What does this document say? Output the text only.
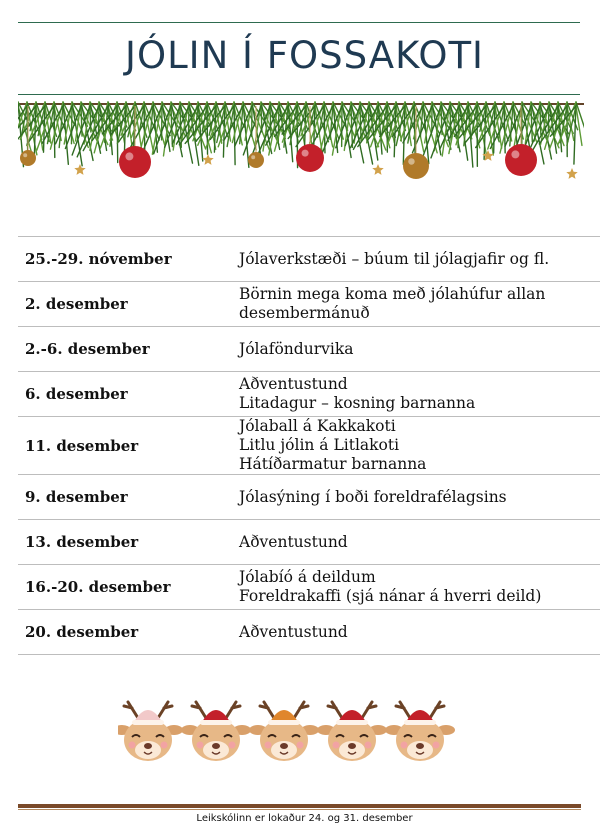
JÓLIN Í FOSSAKOTI
25.-29. nóvember	Jólaverkstæði – búum til jólagjafir og fl.

2. desember	Börnin mega koma með jólahúfur allan
desembermánuð

2.-6. desember	Jólaföndurvika

6. desember	Aðventustund
Litadagur – kosning barnanna

11. desember	Jólaball á Kakkakoti
Litlu jólin á Litlakoti
Hátíðarmatur barnanna

9. desember	Jólasýning í boði foreldrafélagsins

13. desember	Aðventustund

16.-20. desember	Jólabíó á deildum
Foreldrakaffi (sjá nánar á hverri deild)

20. desember	Aðventustund
Leikskólinn er lokaður 24. og 31. desember
